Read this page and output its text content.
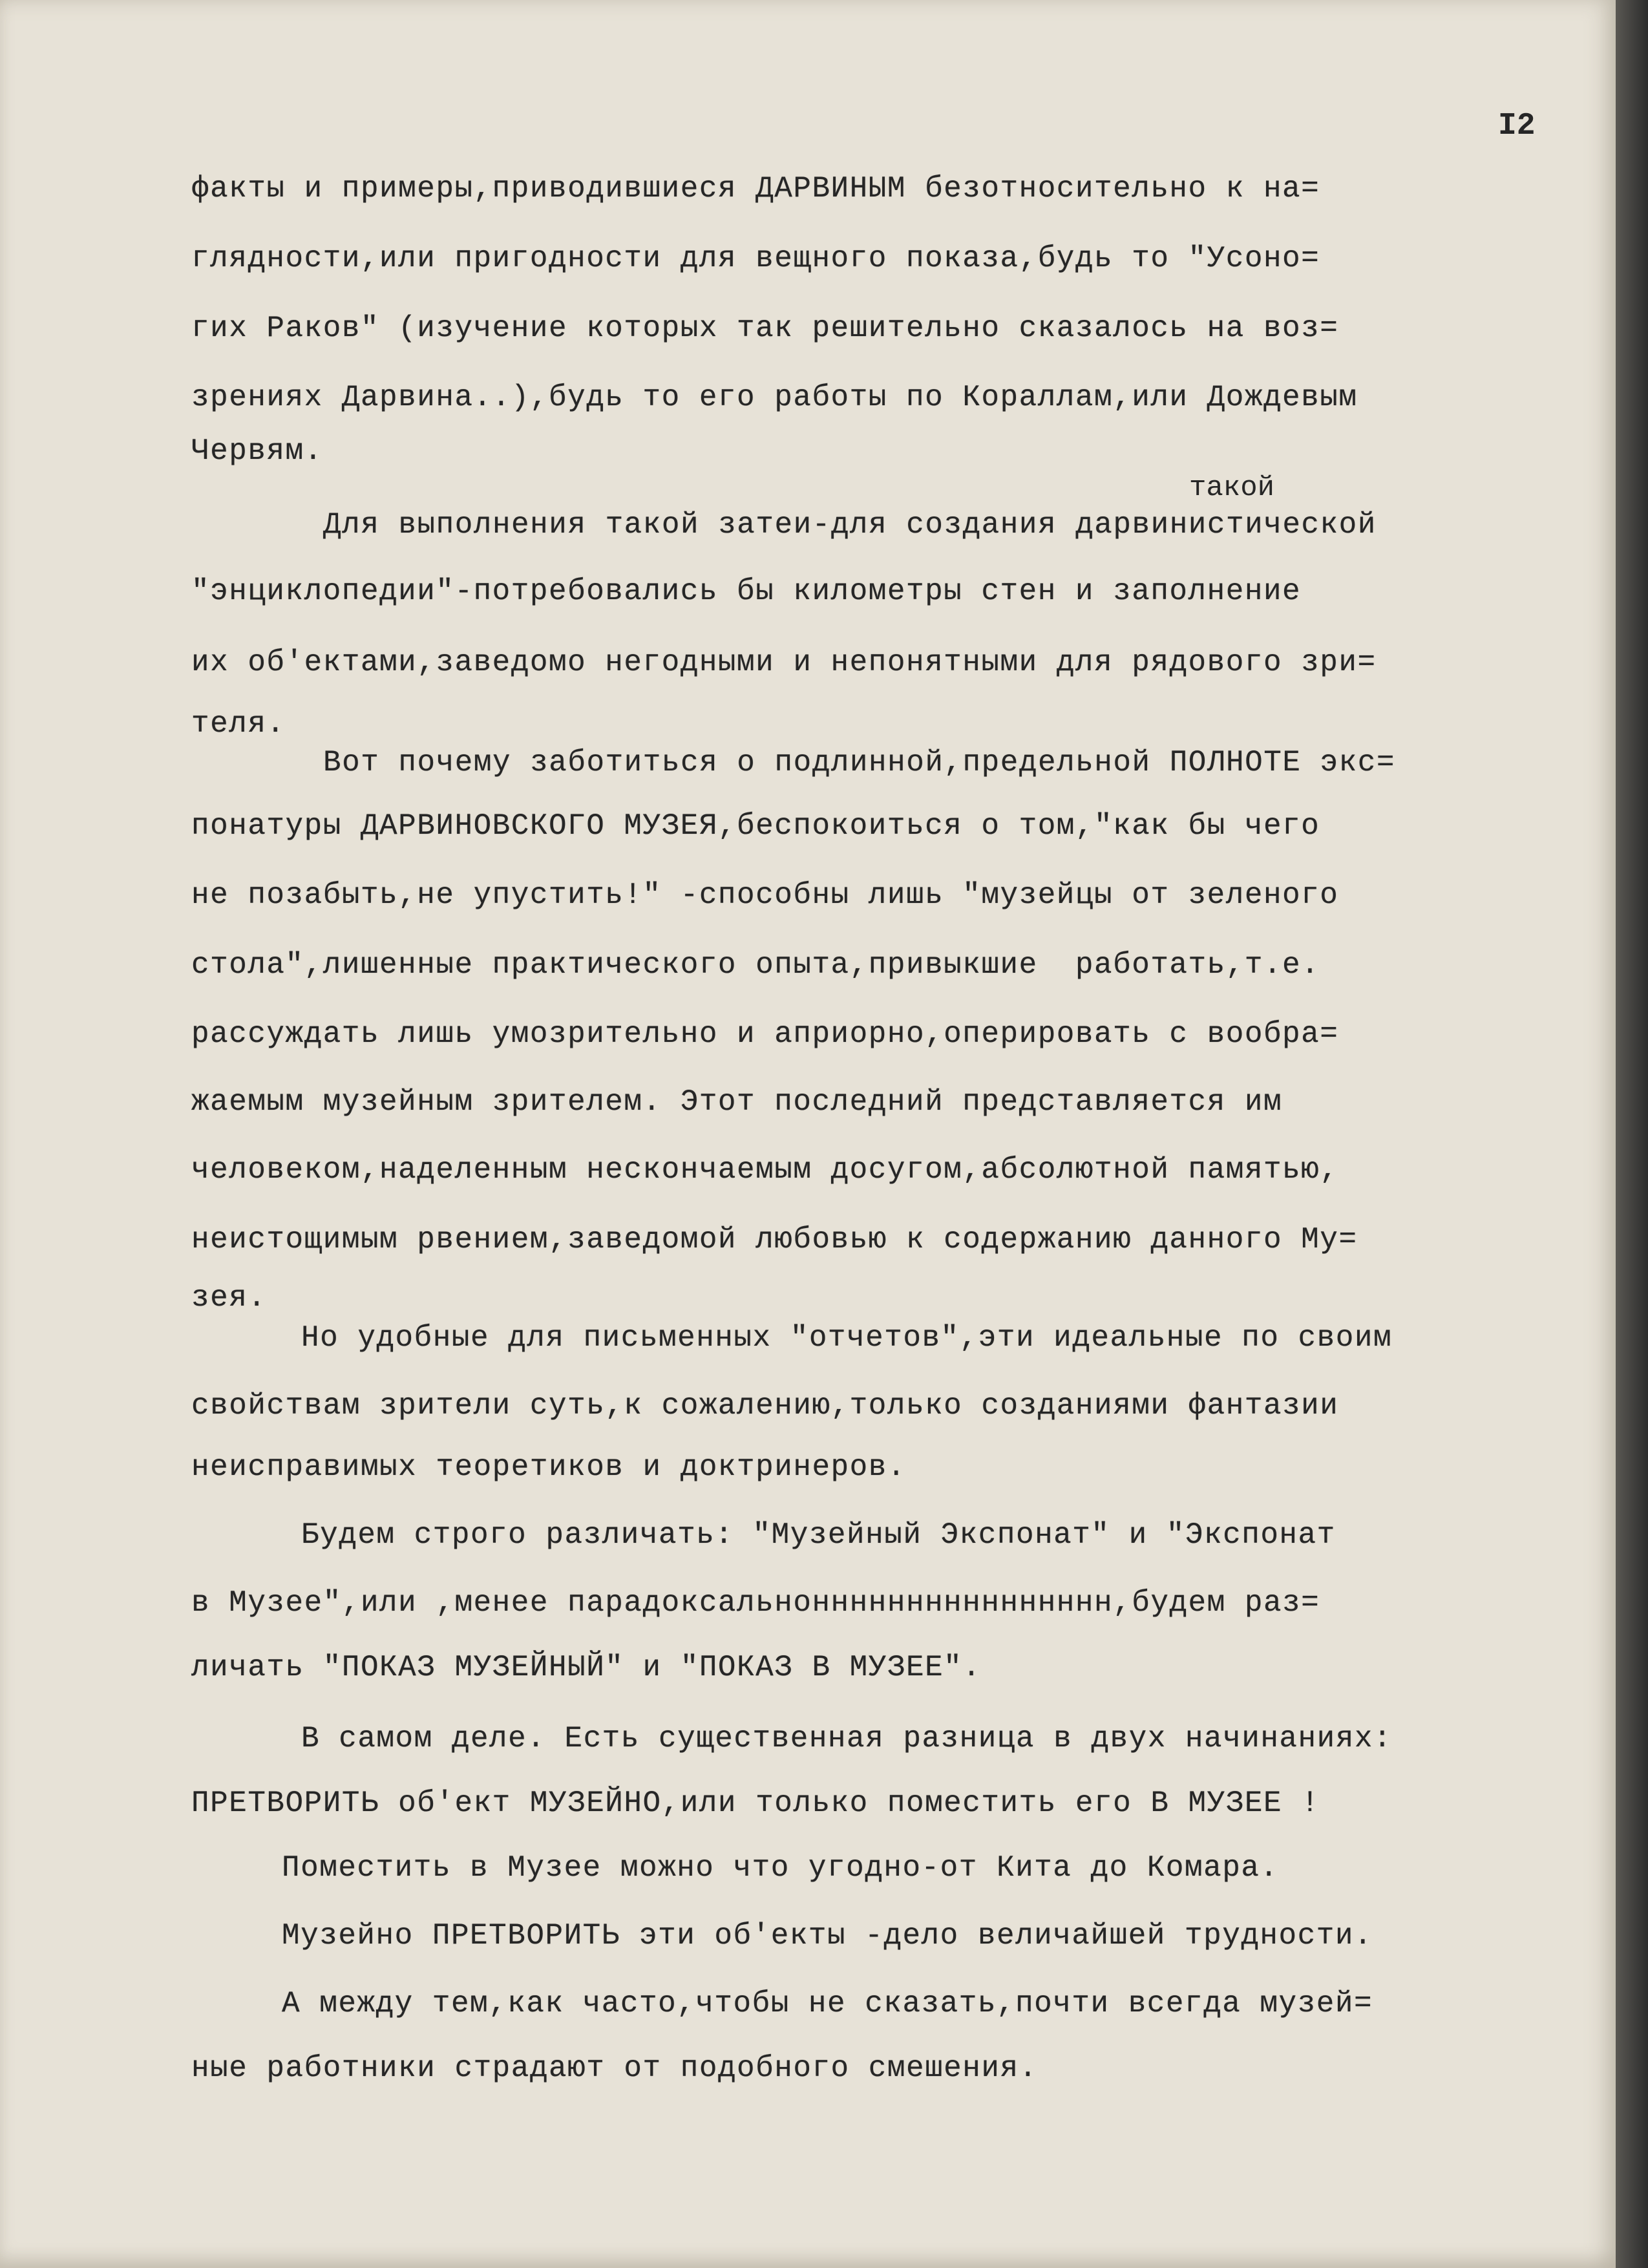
I2
такой
факты и примеры,приводившиеся ДАРВИНЫМ безотносительно к на=
глядности,или пригодности для вещного показа,будь то "Усоно=
гих Раков" (изучение которых так решительно сказалось на воз=
зрениях Дарвина..),будь то его работы по Кораллам,или Дождевым
Червям.
Для выполнения такой затеи-для создания дарвинистической
"энциклопедии"-потребовались бы километры стен и заполнение
их об'ектами,заведомо негодными и непонятными для рядового зри=
теля.
Вот почему заботиться о подлинной,предельной ПОЛНОТЕ экс=
понатуры ДАРВИНОВСКОГО МУЗЕЯ,беспокоиться о том,"как бы чего
не позабыть,не упустить!" -способны лишь "музейцы от зеленого
стола",лишенные практического опыта,привыкшие  работать,т.е.
рассуждать лишь умозрительно и априорно,оперировать с вообра=
жаемым музейным зрителем. Этот последний представляется им
человеком,наделенным нескончаемым досугом,абсолютной памятью,
неистощимым рвением,заведомой любовью к содержанию данного Му=
зея.
Но удобные для письменных "отчетов",эти идеальные по своим
свойствам зрители суть,к сожалению,только созданиями фантазии
неисправимых теоретиков и доктринеров.
Будем строго различать: "Музейный Экспонат" и "Экспонат
в Музее",или ,менее парадоксальнонннннннннннннннн,будем раз=
личать "ПОКАЗ МУЗЕЙНЫЙ" и "ПОКАЗ В МУЗЕЕ".
В самом деле. Есть существенная разница в двух начинаниях:
ПРЕТВОРИТЬ об'ект МУЗЕЙНО,или только поместить его В МУЗЕЕ !
Поместить в Музее можно что угодно-от Кита до Комара.
Музейно ПРЕТВОРИТЬ эти об'екты -дело величайшей трудности.
А между тем,как часто,чтобы не сказать,почти всегда музей=
ные работники страдают от подобного смешения.
